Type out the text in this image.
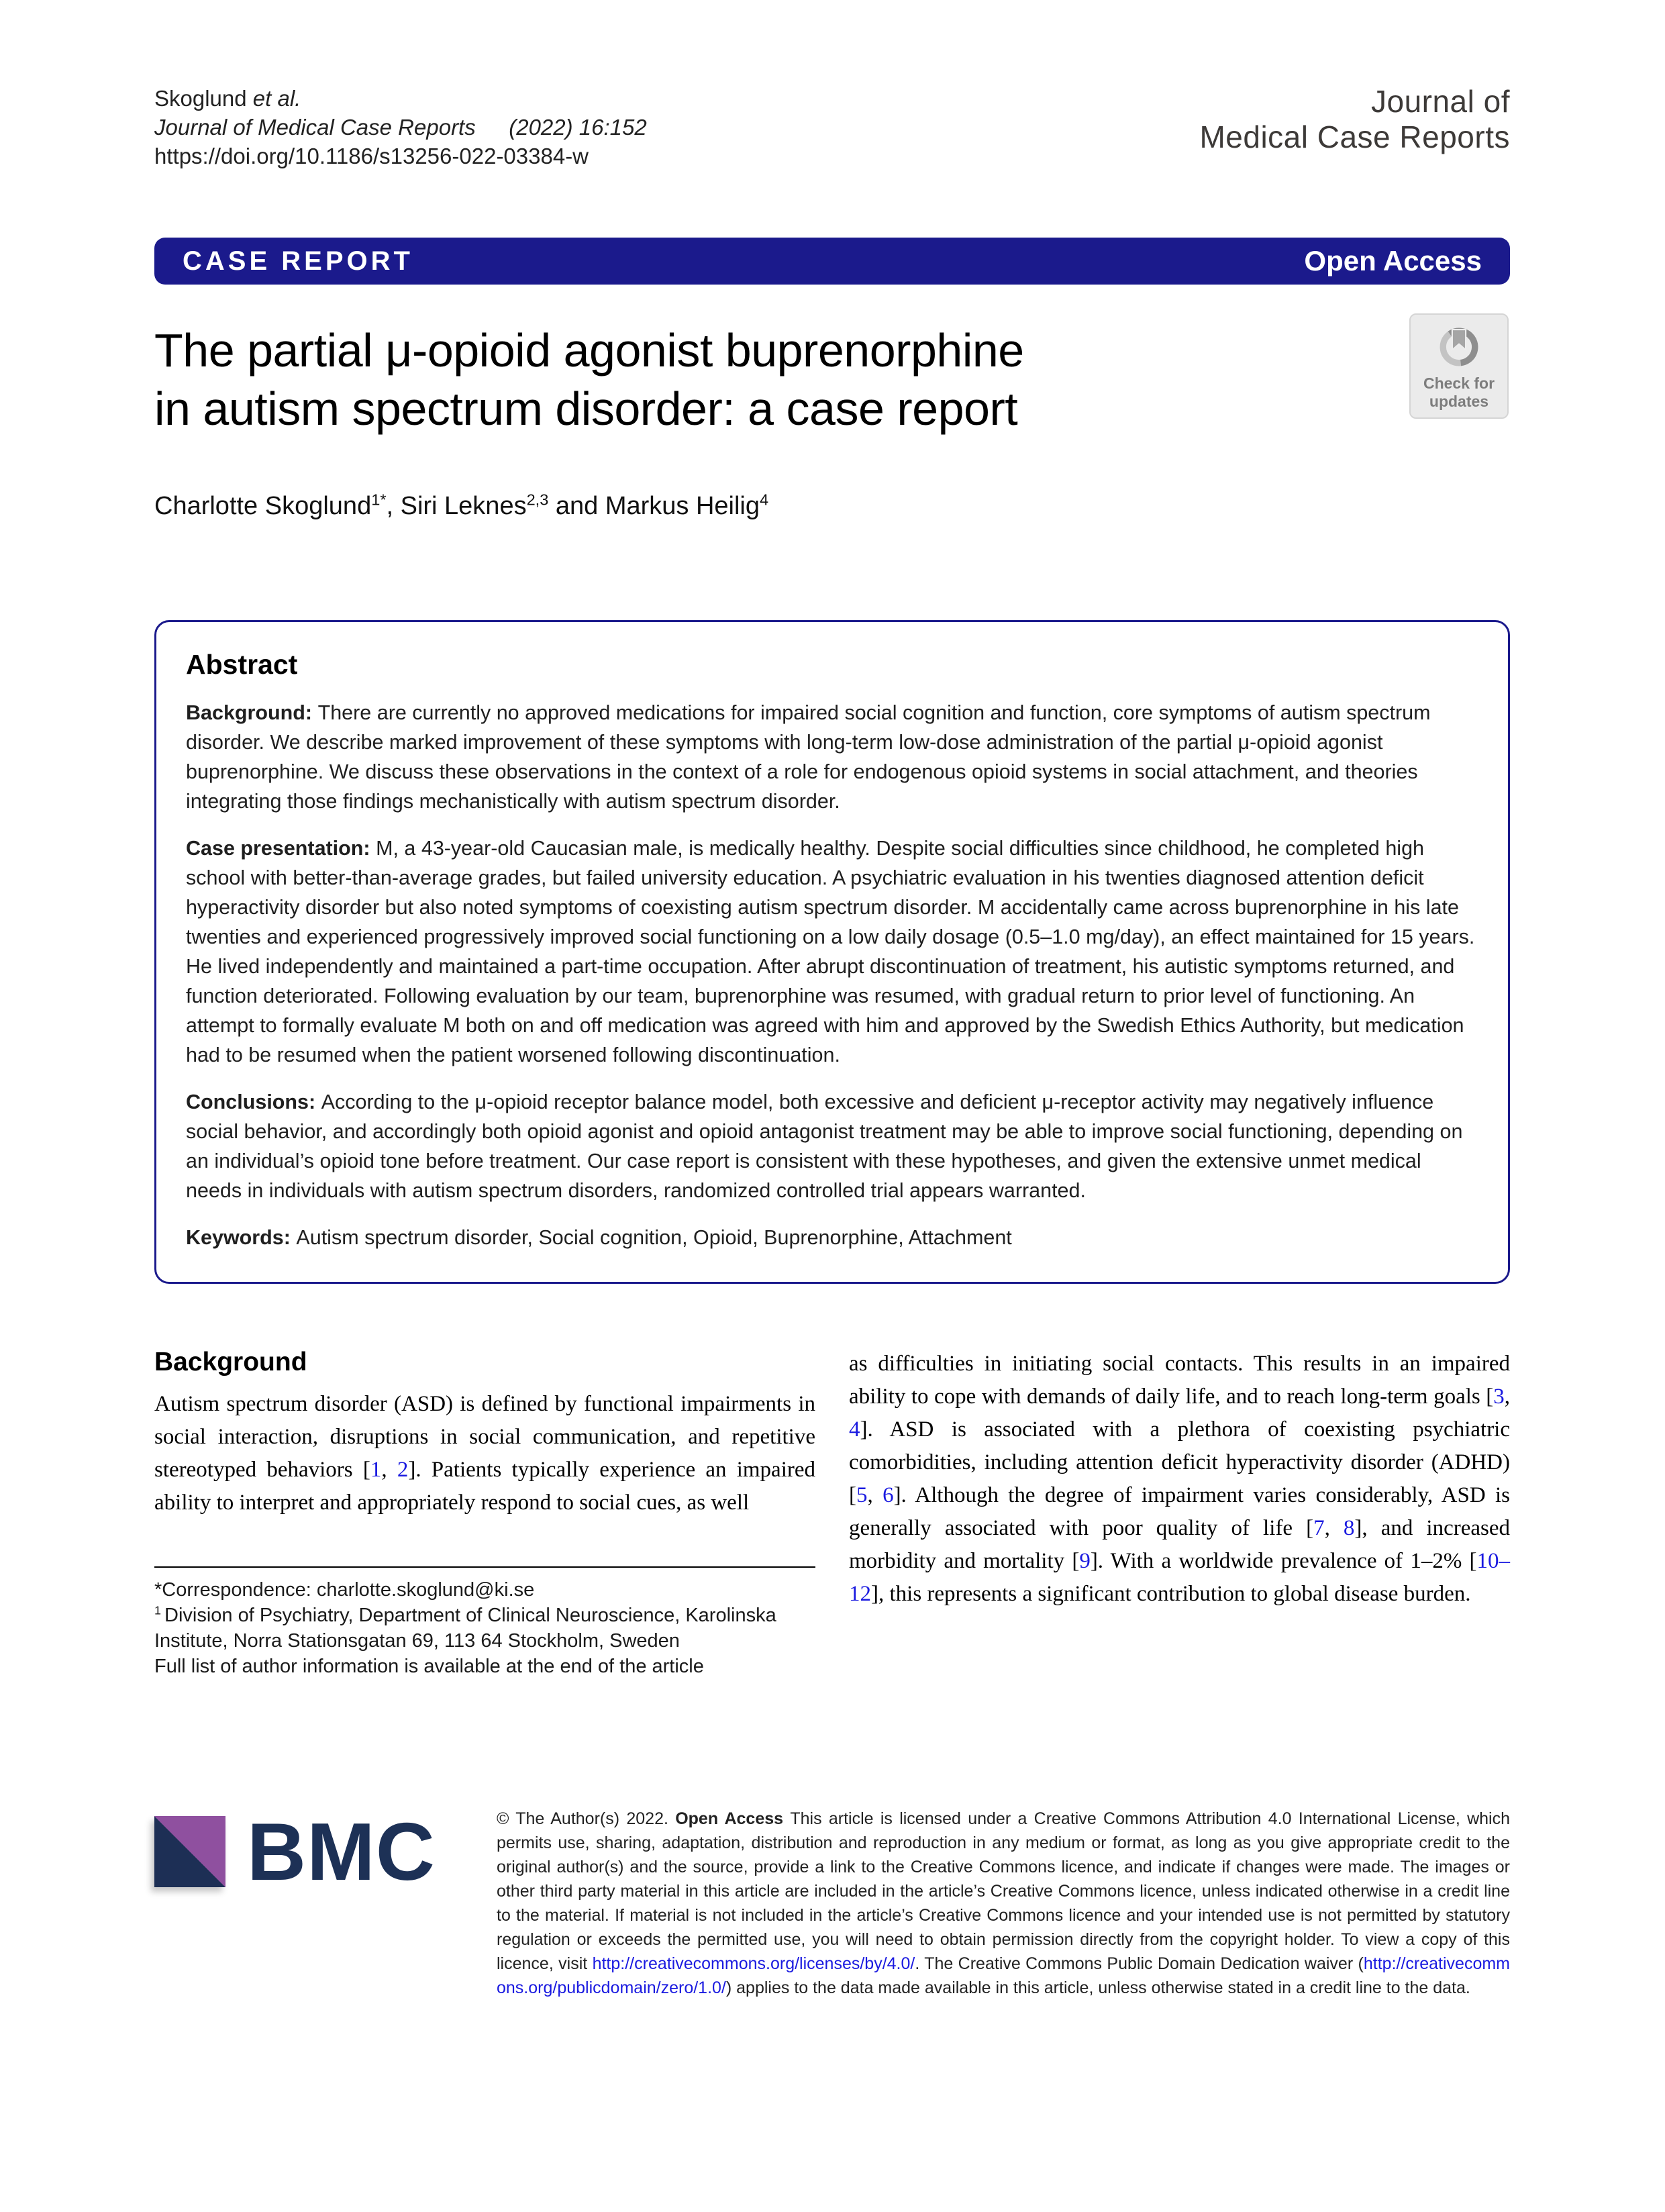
Skoglund et al.
Journal of Medical Case Reports  (2022) 16:152
https://doi.org/10.1186/s13256-022-03384-w
Journal of
Medical Case Reports
CASE REPORT	Open Access
The partial μ-opioid agonist buprenorphine
in autism spectrum disorder: a case report	Check for
updates
Charlotte Skoglund$^{1*}$, Siri Leknes$^{2,3}$ and Markus Heilig$^4$
Abstract

Background: There are currently no approved medications for impaired social cognition and function, core symptoms of autism spectrum disorder. We describe marked improvement of these symptoms with long-term low-dose administration of the partial μ-opioid agonist buprenorphine. We discuss these observations in the context of a role for endogenous opioid systems in social attachment, and theories integrating those findings mechanistically with autism spectrum disorder.

Case presentation: M, a 43-year-old Caucasian male, is medically healthy. Despite social difficulties since childhood, he completed high school with better-than-average grades, but failed university education. A psychiatric evaluation in his twenties diagnosed attention deficit hyperactivity disorder but also noted symptoms of coexisting autism spectrum disorder. M accidentally came across buprenorphine in his late twenties and experienced progressively improved social functioning on a low daily dosage (0.5–1.0 mg/day), an effect maintained for 15 years. He lived independently and maintained a part-time occupation. After abrupt discontinuation of treatment, his autistic symptoms returned, and function deteriorated. Following evaluation by our team, buprenorphine was resumed, with gradual return to prior level of functioning. An attempt to formally evaluate M both on and off medication was agreed with him and approved by the Swedish Ethics Authority, but medication had to be resumed when the patient worsened following discontinuation.

Conclusions: According to the μ-opioid receptor balance model, both excessive and deficient μ-receptor activity may negatively influence social behavior, and accordingly both opioid agonist and opioid antagonist treatment may be able to improve social functioning, depending on an individual’s opioid tone before treatment. Our case report is consistent with these hypotheses, and given the extensive unmet medical needs in individuals with autism spectrum disorders, randomized controlled trial appears warranted.

Keywords: Autism spectrum disorder, Social cognition, Opioid, Buprenorphine, Attachment

Background

Autism spectrum disorder (ASD) is defined by functional impairments in social interaction, disruptions in social communication, and repetitive stereotyped behaviors [1, 2]. Patients typically experience an impaired ability to interpret and appropriately respond to social cues, as well

*Correspondence: charlotte.skoglund@ki.se
$^1$ Division of Psychiatry, Department of Clinical Neuroscience, Karolinska Institute, Norra Stationsgatan 69, 113 64 Stockholm, Sweden
Full list of author information is available at the end of the article

as difficulties in initiating social contacts. This results in an impaired ability to cope with demands of daily life, and to reach long-term goals [3, 4]. ASD is associated with a plethora of coexisting psychiatric comorbidities, including attention deficit hyperactivity disorder (ADHD) [5, 6]. Although the degree of impairment varies considerably, ASD is generally associated with poor quality of life [7, 8], and increased morbidity and mortality [9]. With a worldwide prevalence of 1–2% [10–12], this represents a significant contribution to global disease burden.

BMC	© The Author(s) 2022. Open Access This article is licensed under a Creative Commons Attribution 4.0 International License, which permits use, sharing, adaptation, distribution and reproduction in any medium or format, as long as you give appropriate credit to the original author(s) and the source, provide a link to the Creative Commons licence, and indicate if changes were made. The images or other third party material in this article are included in the article’s Creative Commons licence, unless indicated otherwise in a credit line to the material. If material is not included in the article’s Creative Commons licence and your intended use is not permitted by statutory regulation or exceeds the permitted use, you will need to obtain permission directly from the copyright holder. To view a copy of this licence, visit http://creativecommons.org/licenses/by/4.0/. The Creative Commons Public Domain Dedication waiver (http://creativecommons.org/publicdomain/zero/1.0/) applies to the data made available in this article, unless otherwise stated in a credit line to the data.
